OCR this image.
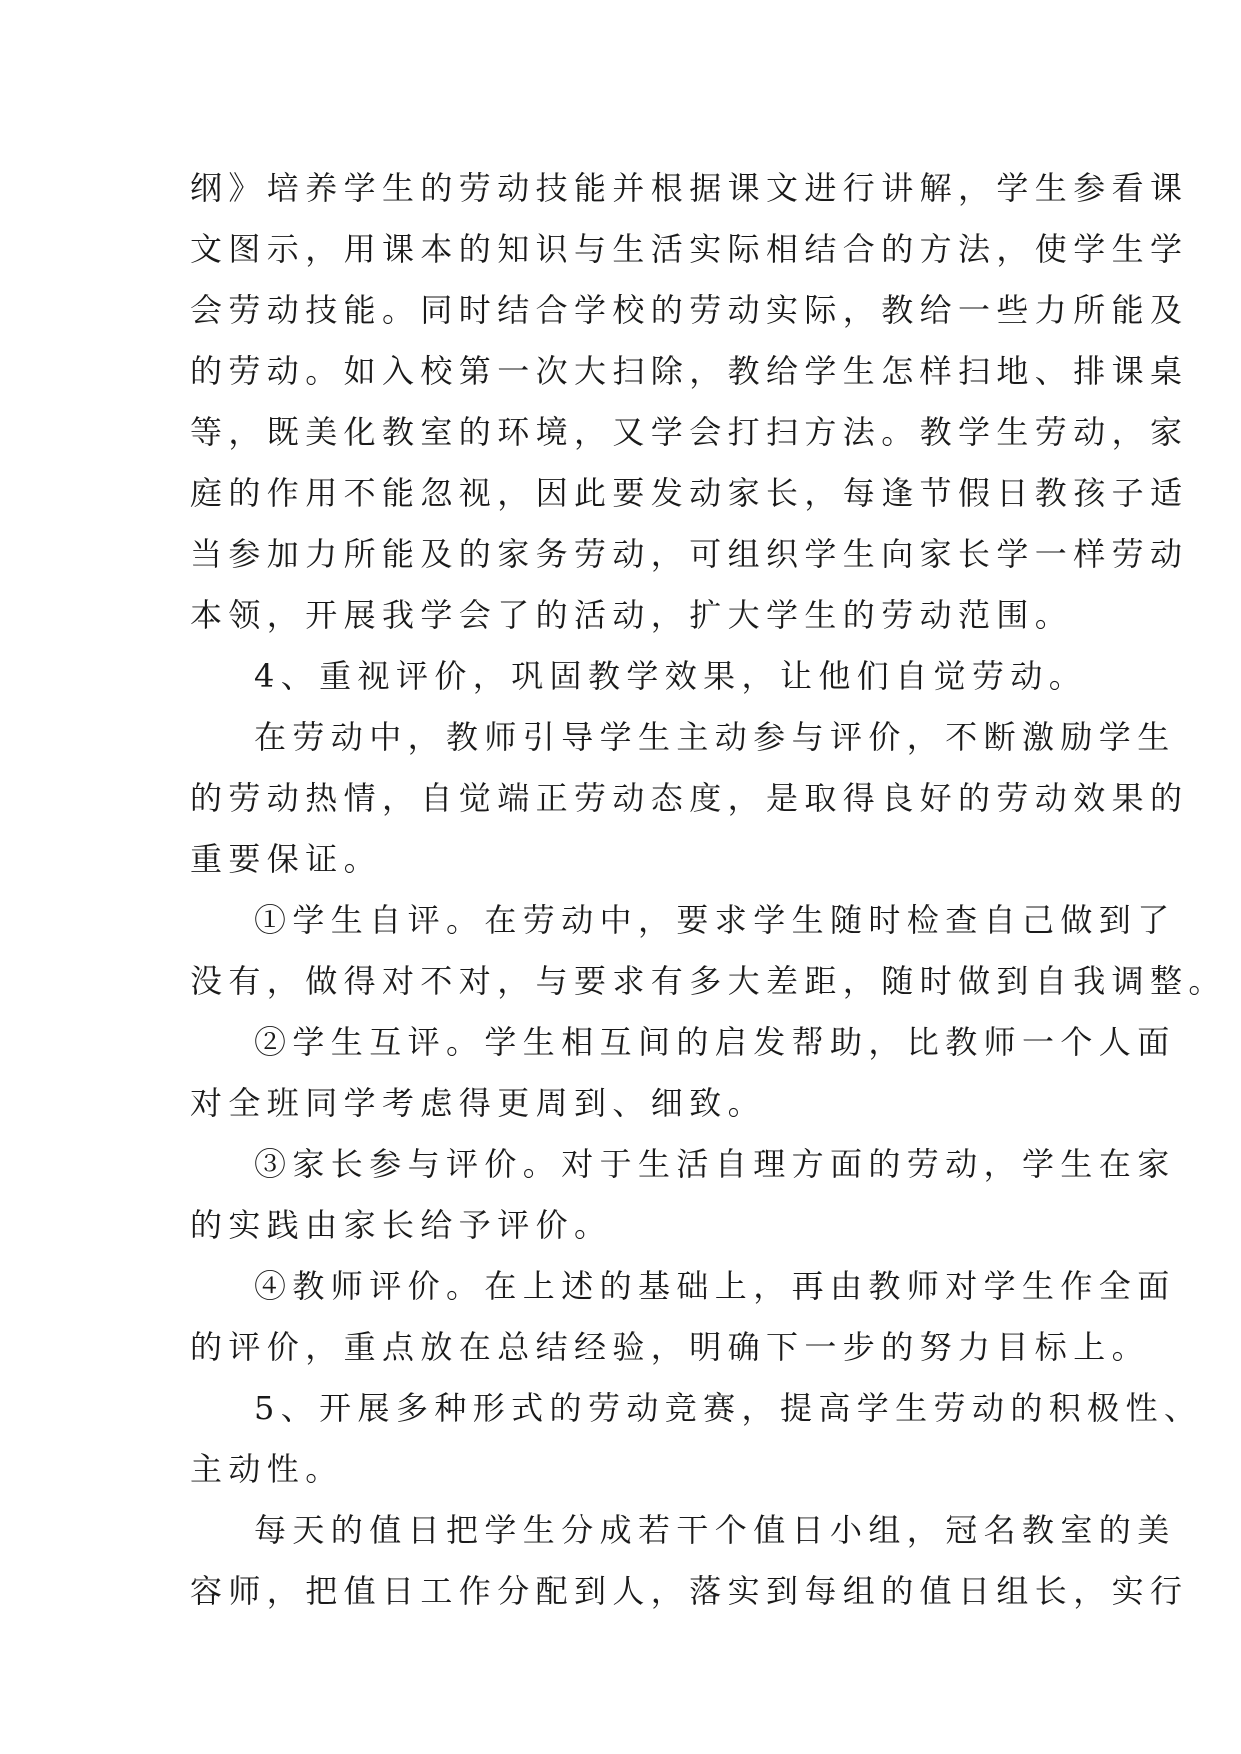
纲》培养学生的劳动技能并根据课文进行讲解，学生参看课
文图示，用课本的知识与生活实际相结合的方法，使学生学
会劳动技能。同时结合学校的劳动实际，教给一些力所能及
的劳动。如入校第一次大扫除，教给学生怎样扫地、排课桌
等，既美化教室的环境，又学会打扫方法。教学生劳动，家
庭的作用不能忽视，因此要发动家长，每逢节假日教孩子适
当参加力所能及的家务劳动，可组织学生向家长学一样劳动
本领，开展我学会了的活动，扩大学生的劳动范围。
4、重视评价，巩固教学效果，让他们自觉劳动。
在劳动中，教师引导学生主动参与评价，不断激励学生
的劳动热情，自觉端正劳动态度，是取得良好的劳动效果的
重要保证。
①学生自评。在劳动中，要求学生随时检查自己做到了
没有，做得对不对，与要求有多大差距，随时做到自我调整。
②学生互评。学生相互间的启发帮助，比教师一个人面
对全班同学考虑得更周到、细致。
③家长参与评价。对于生活自理方面的劳动，学生在家
的实践由家长给予评价。
④教师评价。在上述的基础上，再由教师对学生作全面
的评价，重点放在总结经验，明确下一步的努力目标上。
5、开展多种形式的劳动竞赛，提高学生劳动的积极性、
主动性。
每天的值日把学生分成若干个值日小组，冠名教室的美
容师，把值日工作分配到人，落实到每组的值日组长，实行
